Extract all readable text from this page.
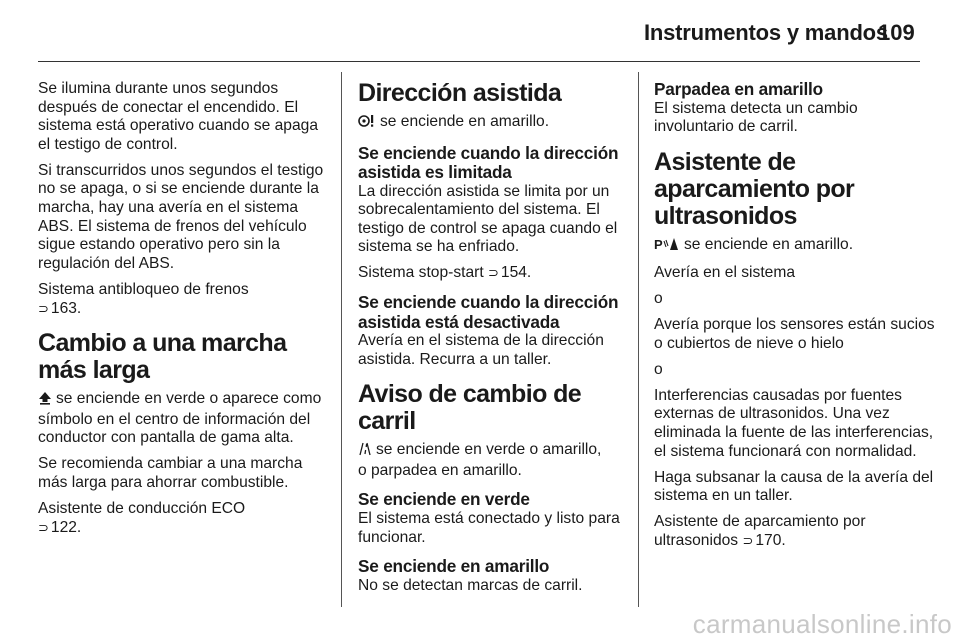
Instrumentos y mandos
109

Se ilumina durante unos segundos después de conectar el encendido. El sistema está operativo cuando se apaga el testigo de control.

Si transcurridos unos segundos el testigo no se apaga, o si se enciende durante la marcha, hay una avería en el sistema ABS. El sistema de frenos del vehículo sigue estando operativo pero sin la regulación del ABS.

Sistema antibloqueo de frenos
⊃ 163.

Cambio a una marcha más larga

se enciende en verde o aparece como símbolo en el centro de información del conductor con pantalla de gama alta.

Se recomienda cambiar a una marcha más larga para ahorrar combustible.

Asistente de conducción ECO
⊃ 122.

Dirección asistida

se enciende en amarillo.

Se enciende cuando la dirección asistida es limitada

La dirección asistida se limita por un sobrecalentamiento del sistema. El testigo de control se apaga cuando el sistema se ha enfriado.

Sistema stop-start ⊃ 154.

Se enciende cuando la dirección asistida está desactivada

Avería en el sistema de la dirección asistida. Recurra a un taller.

Aviso de cambio de carril

se enciende en verde o amarillo,
o parpadea en amarillo.

Se enciende en verde

El sistema está conectado y listo para funcionar.

Se enciende en amarillo

No se detectan marcas de carril.

Parpadea en amarillo

El sistema detecta un cambio involuntario de carril.

Asistente de aparcamiento por ultrasonidos

P se enciende en amarillo.

Avería en el sistema

o

Avería porque los sensores están sucios o cubiertos de nieve o hielo

o

Interferencias causadas por fuentes externas de ultrasonidos. Una vez eliminada la fuente de las interferencias, el sistema funcionará con normalidad.

Haga subsanar la causa de la avería del sistema en un taller.

Asistente de aparcamiento por ultrasonidos ⊃ 170.

carmanualsonline.info
